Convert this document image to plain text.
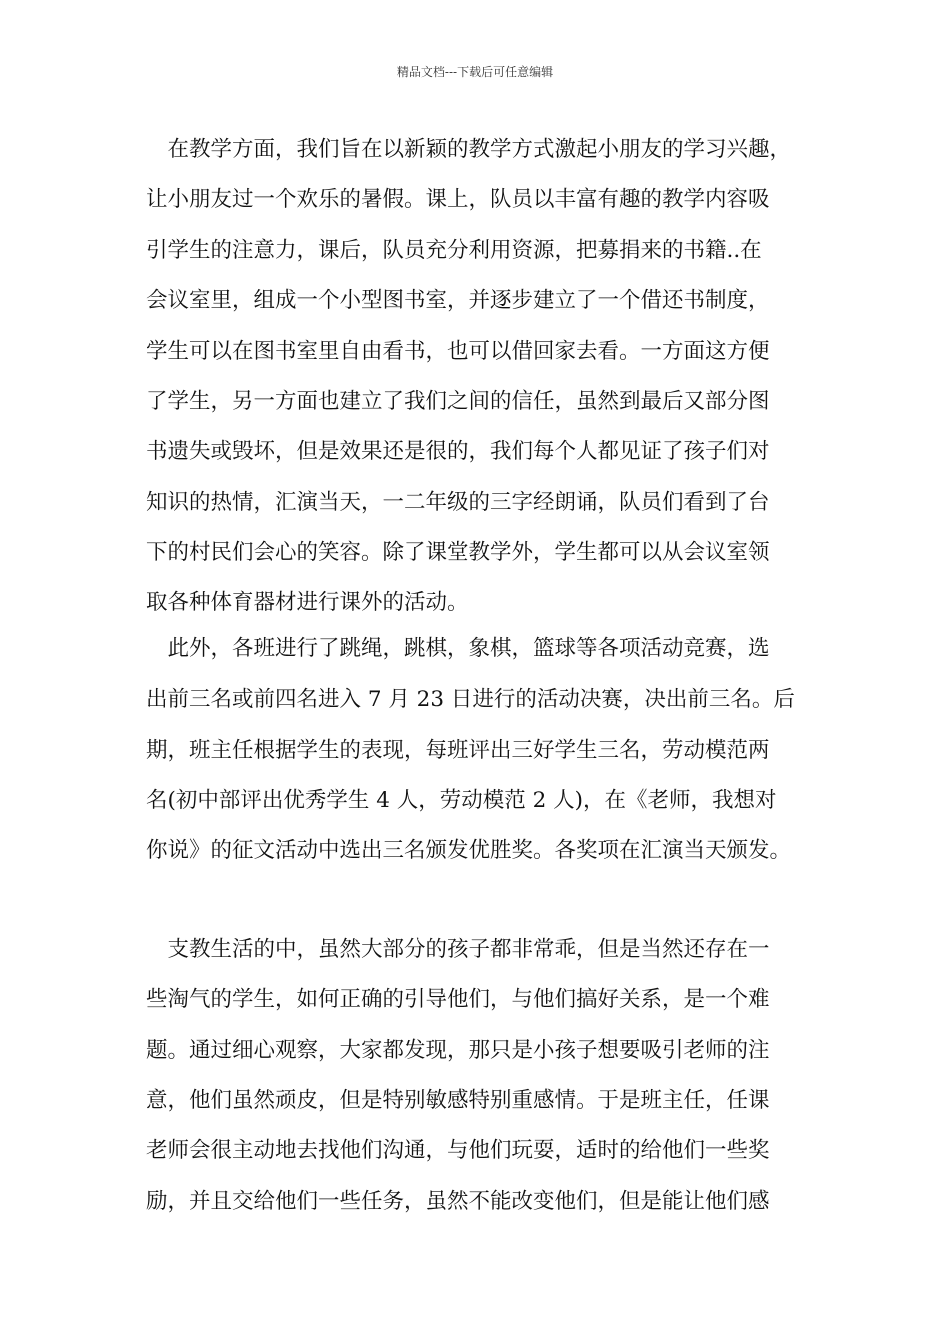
精品文档---下载后可任意编辑
　在教学方面，我们旨在以新颖的教学方式激起小朋友的学习兴趣，
让小朋友过一个欢乐的暑假。课上，队员以丰富有趣的教学内容吸
引学生的注意力，课后，队员充分利用资源，把募捐来的书籍..在
会议室里，组成一个小型图书室，并逐步建立了一个借还书制度，
学生可以在图书室里自由看书，也可以借回家去看。一方面这方便
了学生，另一方面也建立了我们之间的信任，虽然到最后又部分图
书遗失或毁坏，但是效果还是很的，我们每个人都见证了孩子们对
知识的热情，汇演当天，一二年级的三字经朗诵，队员们看到了台
下的村民们会心的笑容。除了课堂教学外，学生都可以从会议室领
取各种体育器材进行课外的活动。
　此外，各班进行了跳绳，跳棋，象棋，篮球等各项活动竞赛，选
出前三名或前四名进入 7 月 23 日进行的活动决赛，决出前三名。后
期，班主任根据学生的表现，每班评出三好学生三名，劳动模范两
名(初中部评出优秀学生 4 人，劳动模范 2 人)，在《老师，我想对
你说》的征文活动中选出三名颁发优胜奖。各奖项在汇演当天颁发。
　支教生活的中，虽然大部分的孩子都非常乖，但是当然还存在一
些淘气的学生，如何正确的引导他们，与他们搞好关系，是一个难
题。通过细心观察，大家都发现，那只是小孩子想要吸引老师的注
意，他们虽然顽皮，但是特别敏感特别重感情。于是班主任，任课
老师会很主动地去找他们沟通，与他们玩耍，适时的给他们一些奖
励，并且交给他们一些任务，虽然不能改变他们，但是能让他们感
